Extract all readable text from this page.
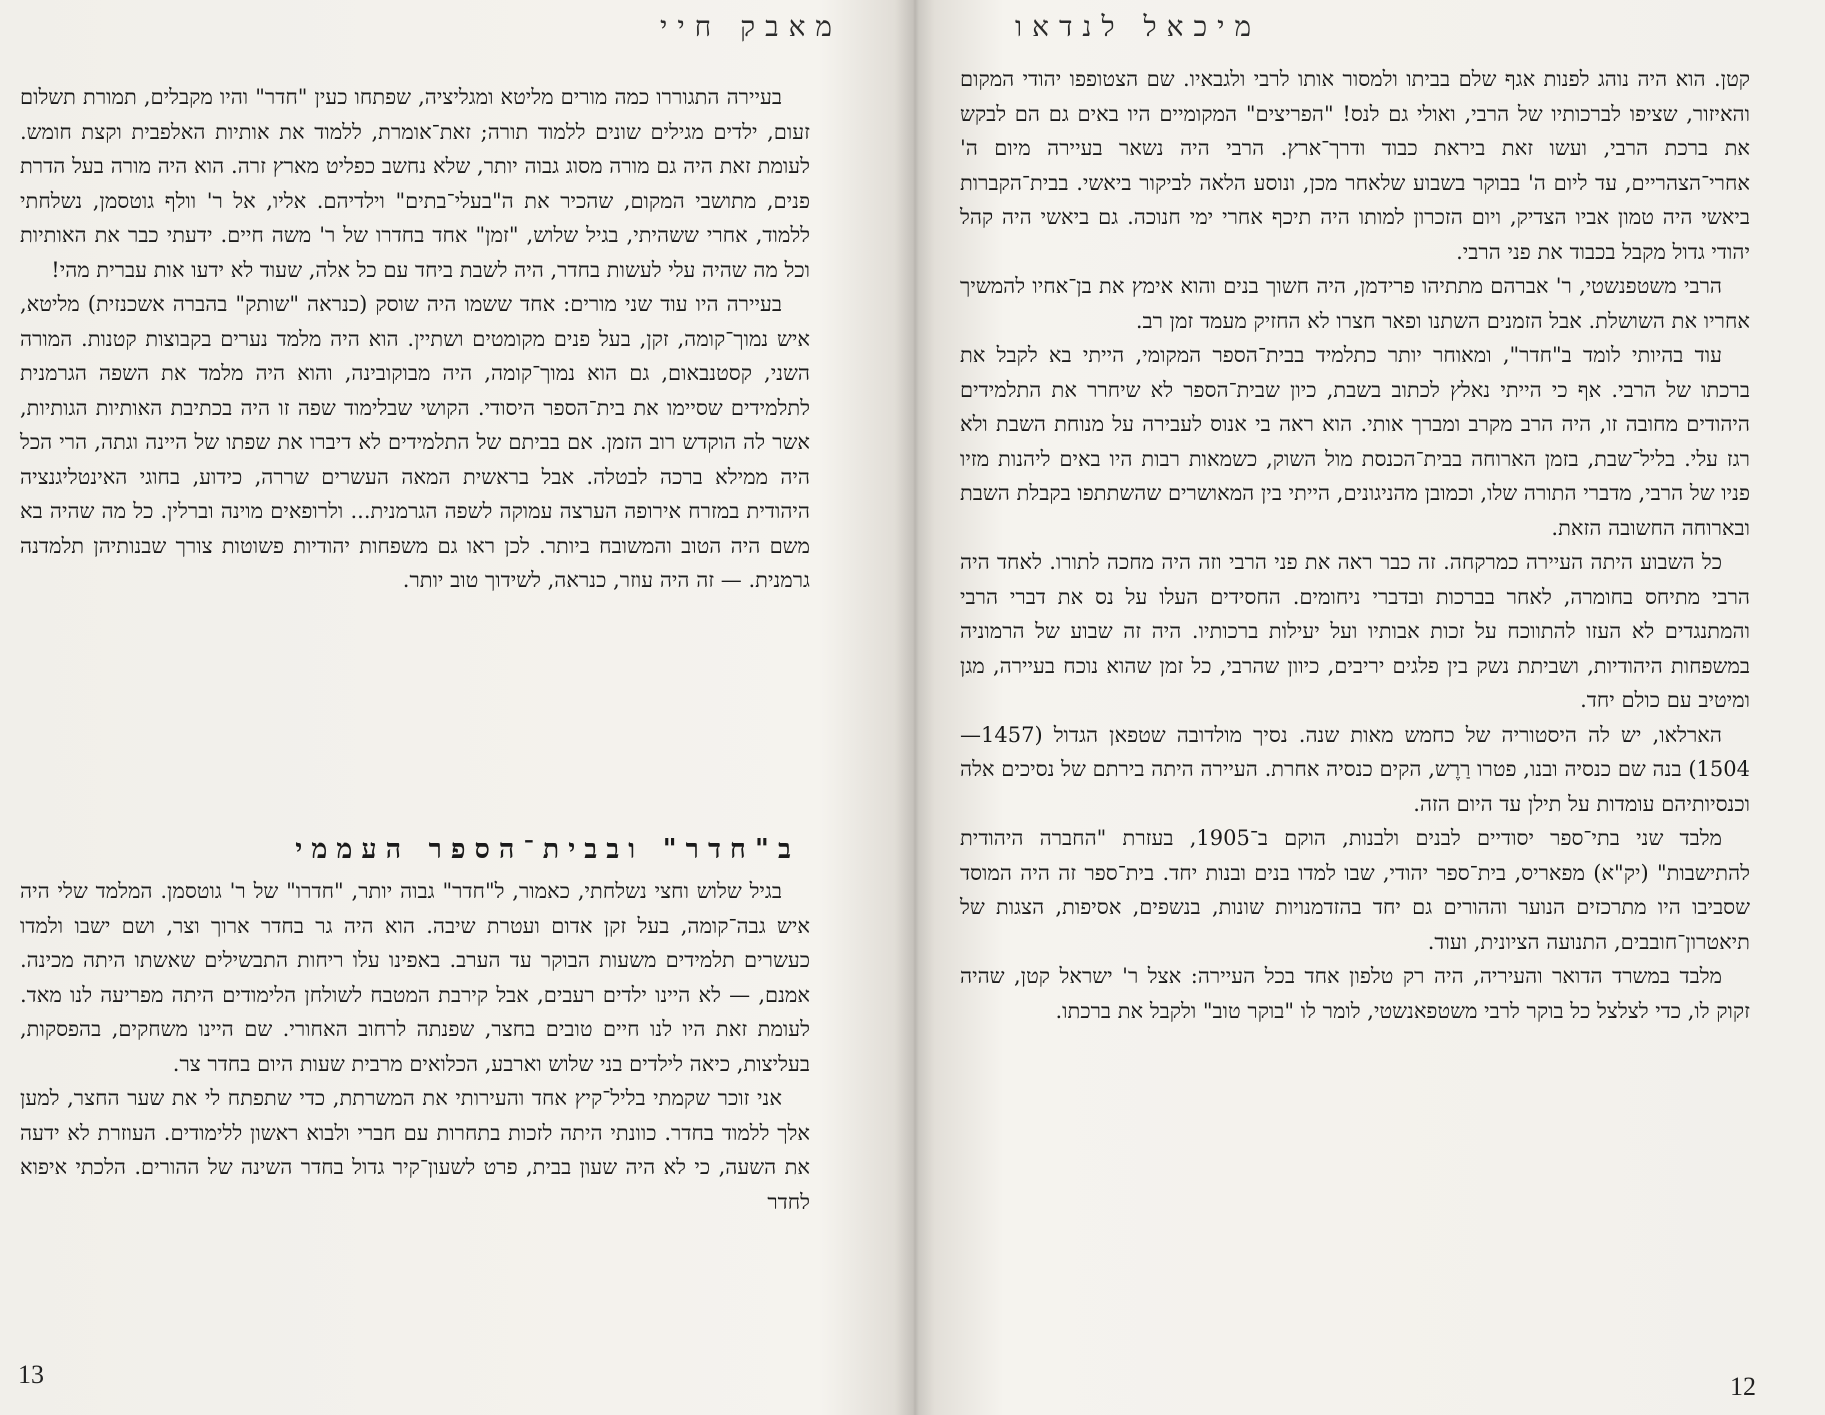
מאבק חיי

בעיירה התגוררו כמה מורים מליטא ומגליציה, שפתחו כעין "חדר" והיו מקבלים, תמורת תשלום זעום, ילדים מגילים שונים ללמוד תורה; זאת־אומרת, ללמוד את אותיות האלפבית וקצת חומש. לעומת זאת היה גם מורה מסוג גבוה יותר, שלא נחשב כפליט מארץ זרה. הוא היה מורה בעל הדרת פנים, מתושבי המקום, שהכיר את ה"בעלי־בתים" וילדיהם. אליו, אל ר' וולף גוטסמן, נשלחתי ללמוד, אחרי ששהיתי, בגיל שלוש, "זמן" אחד בחדרו של ר' משה חיים. ידעתי כבר את האותיות וכל מה שהיה עלי לעשות בחדר, היה לשבת ביחד עם כל אלה, שעוד לא ידעו אות עברית מהי!

בעיירה היו עוד שני מורים: אחד ששמו היה שוסק (כנראה "שותק" בהברה אשכנזית) מליטא, איש נמוך־קומה, זקן, בעל פנים מקומטים ושתיין. הוא היה מלמד נערים בקבוצות קטנות. המורה השני, קסטנבאום, גם הוא נמוך־קומה, היה מבוקובינה, והוא היה מלמד את השפה הגרמנית לתלמידים שסיימו את בית־הספר היסודי. הקושי שבלימוד שפה זו היה בכתיבת האותיות הגותיות, אשר לה הוקדש רוב הזמן. אם בביתם של התלמידים לא דיברו את שפתו של היינה וגתה, הרי הכל היה ממילא ברכה לבטלה. אבל בראשית המאה העשרים שררה, כידוע, בחוגי האינטליגנציה היהודית במזרח אירופה הערצה עמוקה לשפה הגרמנית... ולרופאים מוינה וברלין. כל מה שהיה בא משם היה הטוב והמשובח ביותר. לכן ראו גם משפחות יהודיות פשוטות צורך שבנותיהן תלמדנה גרמנית. — זה היה עוזר, כנראה, לשידוך טוב יותר.

ב"חדר" ובבית־הספר העממי

בגיל שלוש וחצי נשלחתי, כאמור, ל"חדר" גבוה יותר, "חדרו" של ר' גוטסמן. המלמד שלי היה איש גבה־קומה, בעל זקן אדום ועטרת שיבה. הוא היה גר בחדר ארוך וצר, ושם ישבו ולמדו כעשרים תלמידים משעות הבוקר עד הערב. באפינו עלו ריחות התבשילים שאשתו היתה מכינה. אמנם, — לא היינו ילדים רעבים, אבל קירבת המטבח לשולחן הלימודים היתה מפריעה לנו מאד. לעומת זאת היו לנו חיים טובים בחצר, שפנתה לרחוב האחורי. שם היינו משחקים, בהפסקות, בעליצות, כיאה לילדים בני שלוש וארבע, הכלואים מרבית שעות היום בחדר צר.

אני זוכר שקמתי בליל־קיץ אחד והעירותי את המשרתת, כדי שתפתח לי את שער החצר, למען אלך ללמוד בחדר. כוונתי היתה לזכות בתחרות עם חברי ולבוא ראשון ללימודים. העוזרת לא ידעה את השעה, כי לא היה שעון בבית, פרט לשעון־קיר גדול בחדר השינה של ההורים. הלכתי איפוא לחדר

13
מיכאל לנדאו

קטן. הוא היה נוהג לפנות אגף שלם בביתו ולמסור אותו לרבי ולגבאיו. שם הצטופפו יהודי המקום והאיזור, שציפו לברכותיו של הרבי, ואולי גם לנס! "הפריצים" המקומיים היו באים גם הם לבקש את ברכת הרבי, ועשו זאת ביראת כבוד ודרך־ארץ. הרבי היה נשאר בעיירה מיום ה' אחרי־הצהריים, עד ליום ה' בבוקר בשבוע שלאחר מכן, ונוסע הלאה לביקור ביאשי. בבית־הקברות ביאשי היה טמון אביו הצדיק, ויום הזכרון למותו היה תיכף אחרי ימי חנוכה. גם ביאשי היה קהל יהודי גדול מקבל בכבוד את פני הרבי.

הרבי משטפנשטי, ר' אברהם מתתיהו פרידמן, היה חשוך בנים והוא אימץ את בן־אחיו להמשיך אחריו את השושלת. אבל הזמנים השתנו ופאר חצרו לא החזיק מעמד זמן רב.

עוד בהיותי לומד ב"חדר", ומאוחר יותר כתלמיד בבית־הספר המקומי, הייתי בא לקבל את ברכתו של הרבי. אף כי הייתי נאלץ לכתוב בשבת, כיון שבית־הספר לא שיחרר את התלמידים היהודים מחובה זו, היה הרב מקרב ומברך אותי. הוא ראה בי אנוס לעבירה על מנוחת השבת ולא רגז עלי. בליל־שבת, בזמן הארוחה בבית־הכנסת מול השוק, כשמאות רבות היו באים ליהנות מזיו פניו של הרבי, מדברי התורה שלו, וכמובן מהניגונים, הייתי בין המאושרים שהשתתפו בקבלת השבת ובארוחה החשובה הזאת.

כל השבוע היתה העיירה כמרקחה. זה כבר ראה את פני הרבי וזה היה מחכה לתורו. לאחד היה הרבי מתיחס בחומרה, לאחר בברכות ובדברי ניחומים. החסידים העלו על נס את דברי הרבי והמתנגדים לא העזו להתווכח על זכות אבותיו ועל יעילות ברכותיו. היה זה שבוע של הרמוניה במשפחות היהודיות, ושביתת נשק בין פלגים יריבים, כיוון שהרבי, כל זמן שהוא נוכח בעיירה, מגן ומיטיב עם כולם יחד.

הארלאו, יש לה היסטוריה של כחמש מאות שנה. נסיך מולדובה שטפאן הגדול (1457—1504) בנה שם כנסיה ובנו, פטרו רַרֶש, הקים כנסיה אחרת. העיירה היתה בירתם של נסיכים אלה וכנסיותיהם עומדות על תילן עד היום הזה.

מלבד שני בתי־ספר יסודיים לבנים ולבנות, הוקם ב־1905, בעזרת "החברה היהודית להתישבות" (יק"א) מפאריס, בית־ספר יהודי, שבו למדו בנים ובנות יחד. בית־ספר זה היה המוסד שסביבו היו מתרכזים הנוער וההורים גם יחד בהזדמנויות שונות, בנשפים, אסיפות, הצגות של תיאטרון־חובבים, התנועה הציונית, ועוד.

מלבד במשרד הדואר והעיריה, היה רק טלפון אחד בכל העיירה: אצל ר' ישראל קטן, שהיה זקוק לו, כדי לצלצל כל בוקר לרבי משטפאנשטי, לומר לו "בוקר טוב" ולקבל את ברכתו.

12
